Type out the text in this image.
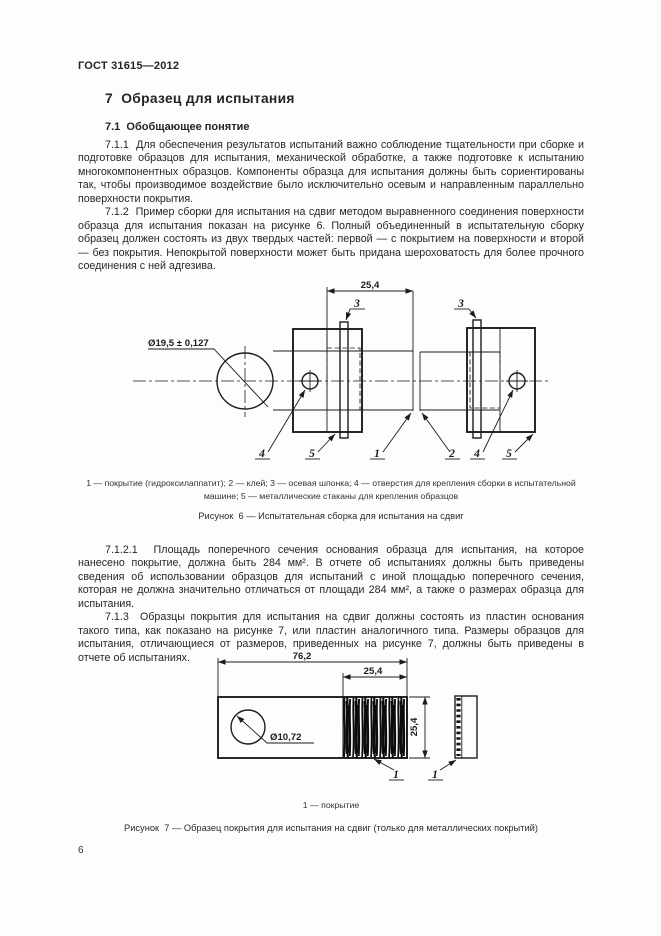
ГОСТ 31615—2012
7  Образец для испытания
7.1  Обобщающее понятие

7.1.1  Для обеспечения результатов испытаний важно соблюдение тщательности при сборке и подготовке образцов для испытания, механической обработке, а также подготовке к испытанию многокомпонентных образцов. Компоненты образца для испытания должны быть сориентированы так, чтобы производимое воздействие было исключительно осевым и направленным параллельно поверхности покрытия.

7.1.2  Пример сборки для испытания на сдвиг методом выравненного соединения поверхности образца для испытания показан на рисунке 6. Полный объединенный в испытательную сборку образец должен состоять из двух твердых частей: первой — с покрытием на поверхности и второй — без покрытия. Непокрытой поверхности может быть придана шероховатость для более прочного соединения с ней адгезива.

Ø19,5 ± 0,127
25,4
3	3
4	5	1	2 4 5
1 — покрытие (гидроксилаппатит); 2 — клей; 3 — осевая шпонка; 4 — отверстия для крепления сборки в испытательной
машине; 5 — металлические стаканы для крепления образцов
Рисунок  6 — Испытательная сборка для испытания на сдвиг

7.1.2.1  Площадь поперечного сечения основания образца для испытания, на которое нанесено покрытие, должна быть 284 мм². В отчете об испытаниях должны быть приведены сведения об использовании образцов для испытаний с иной площадью поперечного сечения, которая не должна значительно отличаться от площади 284 мм², а также о размерах образца для испытания.

7.1.3  Образцы покрытия для испытания на сдвиг должны состоять из пластин основания такого типа, как показано на рисунке 7, или пластин аналогичного типа. Размеры образцов для испытания, отличающиеся от размеров, приведенных на рисунке 7, должны быть приведены в отчете об испытаниях.

Ø10,72
76,2
25,4
25,4
1	1
1 — покрытие
Рисунок  7 — Образец покрытия для испытания на сдвиг (только для металлических покрытий)
6
